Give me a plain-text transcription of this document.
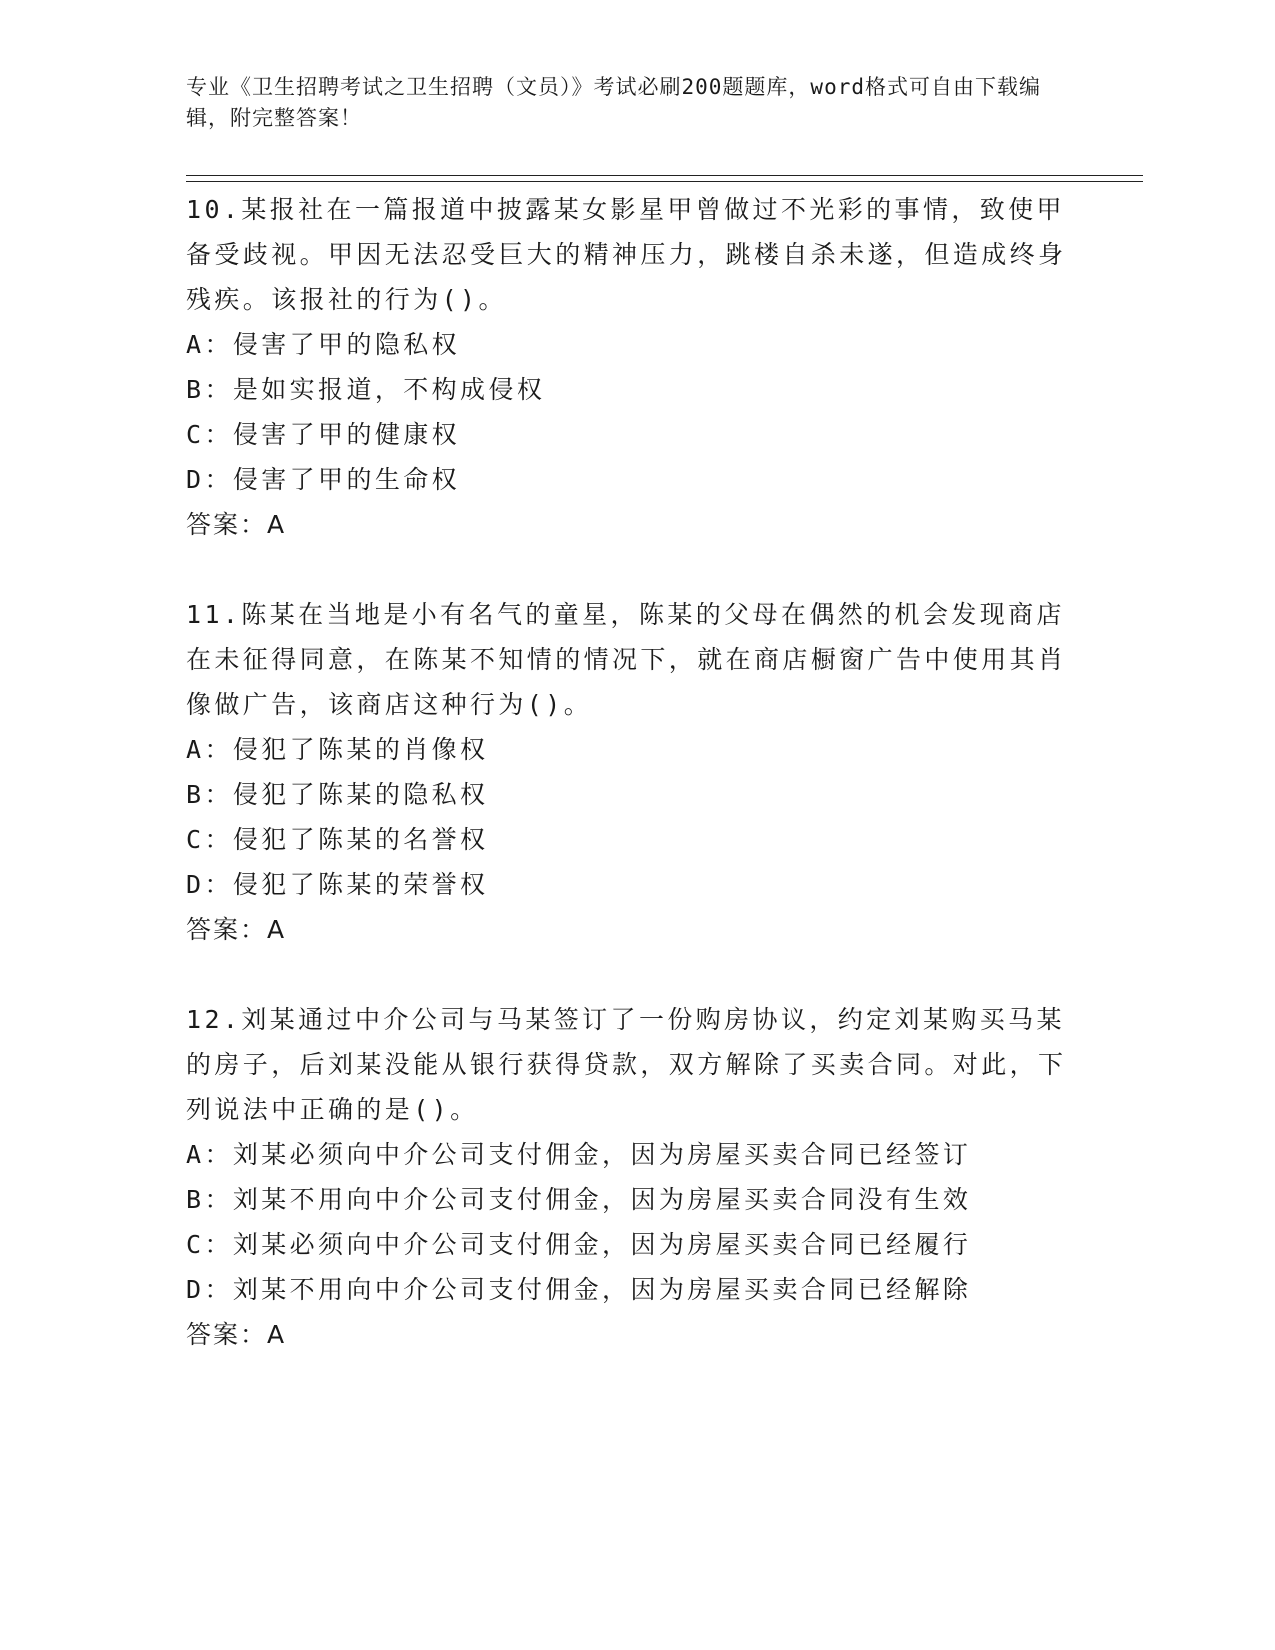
专业《卫生招聘考试之卫生招聘（文员）》考试必刷200题题库，word格式可自由下载编辑，附完整答案！
10.某报社在一篇报道中披露某女影星甲曾做过不光彩的事情，致使甲备受歧视。甲因无法忍受巨大的精神压力，跳楼自杀未遂，但造成终身残疾。该报社的行为()。
A：侵害了甲的隐私权
B：是如实报道，不构成侵权
C：侵害了甲的健康权
D：侵害了甲的生命权
答案：A
11.陈某在当地是小有名气的童星，陈某的父母在偶然的机会发现商店在未征得同意，在陈某不知情的情况下，就在商店橱窗广告中使用其肖像做广告，该商店这种行为()。
A：侵犯了陈某的肖像权
B：侵犯了陈某的隐私权
C：侵犯了陈某的名誉权
D：侵犯了陈某的荣誉权
答案：A
12.刘某通过中介公司与马某签订了一份购房协议，约定刘某购买马某的房子，后刘某没能从银行获得贷款，双方解除了买卖合同。对此，下列说法中正确的是()。
A：刘某必须向中介公司支付佣金，因为房屋买卖合同已经签订
B：刘某不用向中介公司支付佣金，因为房屋买卖合同没有生效
C：刘某必须向中介公司支付佣金，因为房屋买卖合同已经履行
D：刘某不用向中介公司支付佣金，因为房屋买卖合同已经解除
答案：A
